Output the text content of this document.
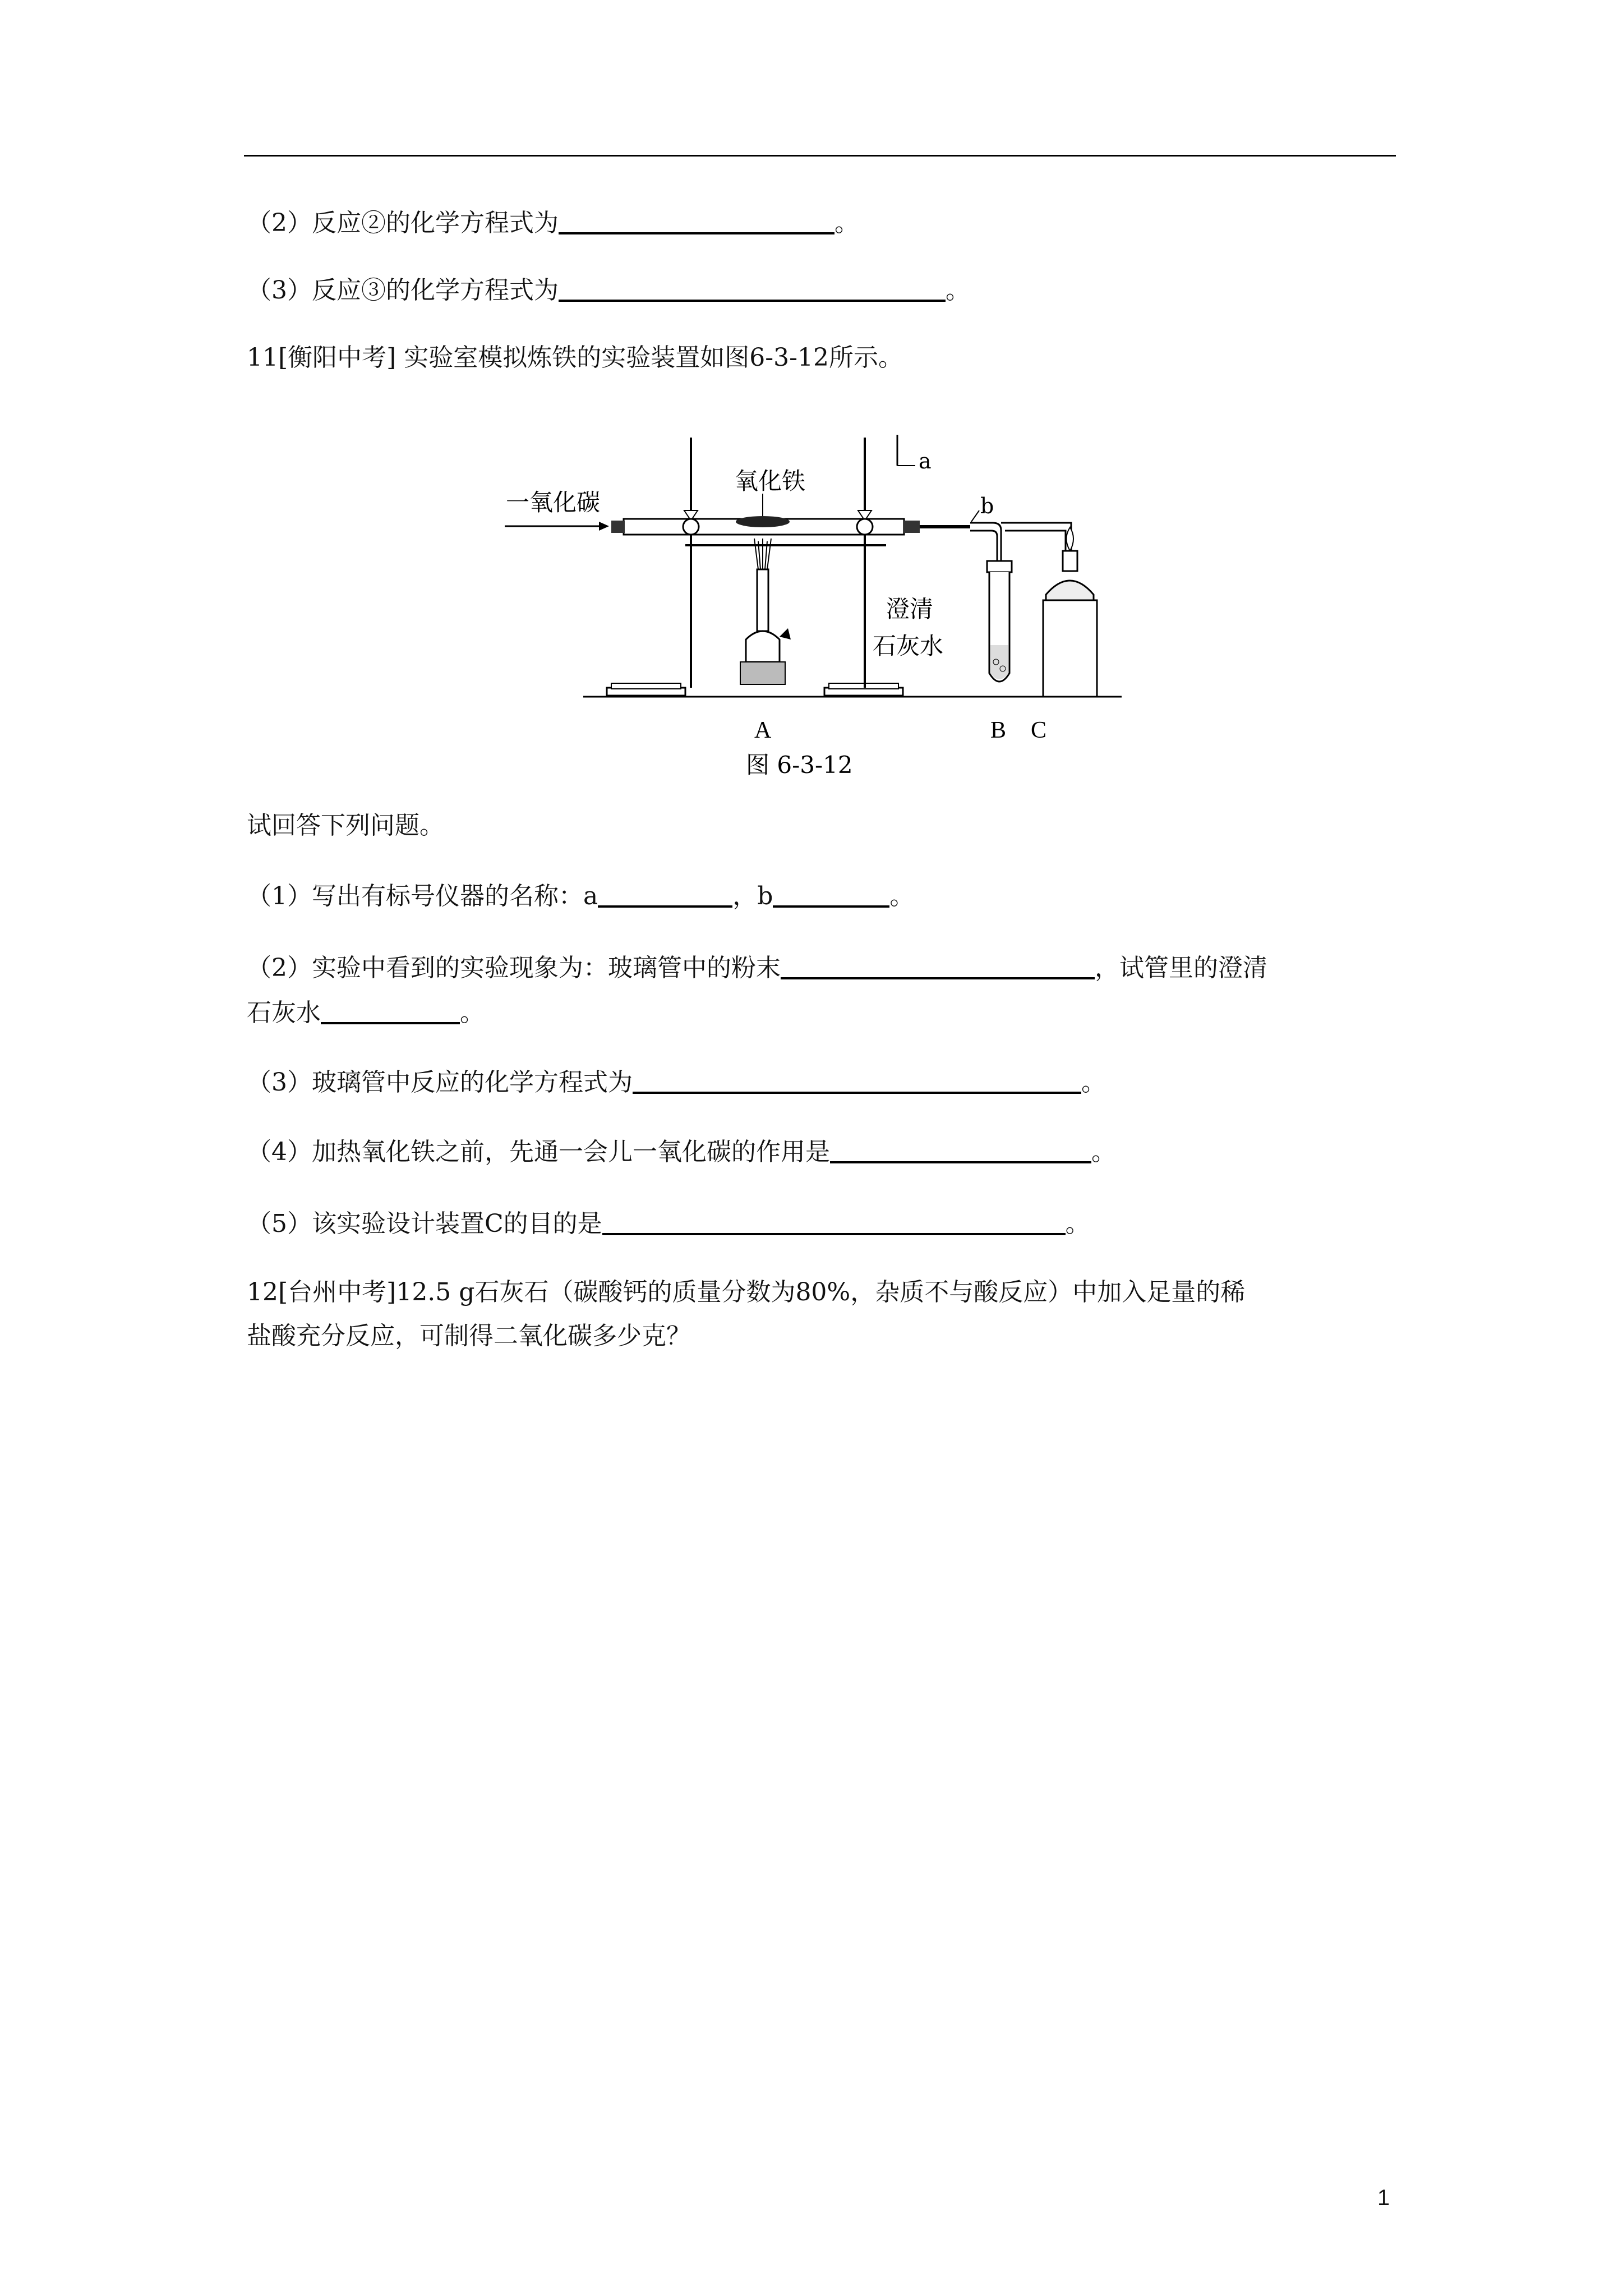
（2）反应②的化学方程式为	。
（3）反应③的化学方程式为	。
11[衡阳中考] 实验室模拟炼铁的实验装置如图6-3-12所示。
一氧化碳
氧化铁
a
b
澄清
石灰水
A	B C
图 6-3-12
试回答下列问题。
（1）写出有标号仪器的名称：a	，b	。
（2）实验中看到的实验现象为：玻璃管中的粉末	，试管里的澄清
石灰水	。
（3）玻璃管中反应的化学方程式为	。
（4）加热氧化铁之前，先通一会儿一氧化碳的作用是	。
（5）该实验设计装置C的目的是	。
12[台州中考]12.5 g石灰石（碳酸钙的质量分数为80%，杂质不与酸反应）中加入足量的稀
盐酸充分反应，可制得二氧化碳多少克？
1
